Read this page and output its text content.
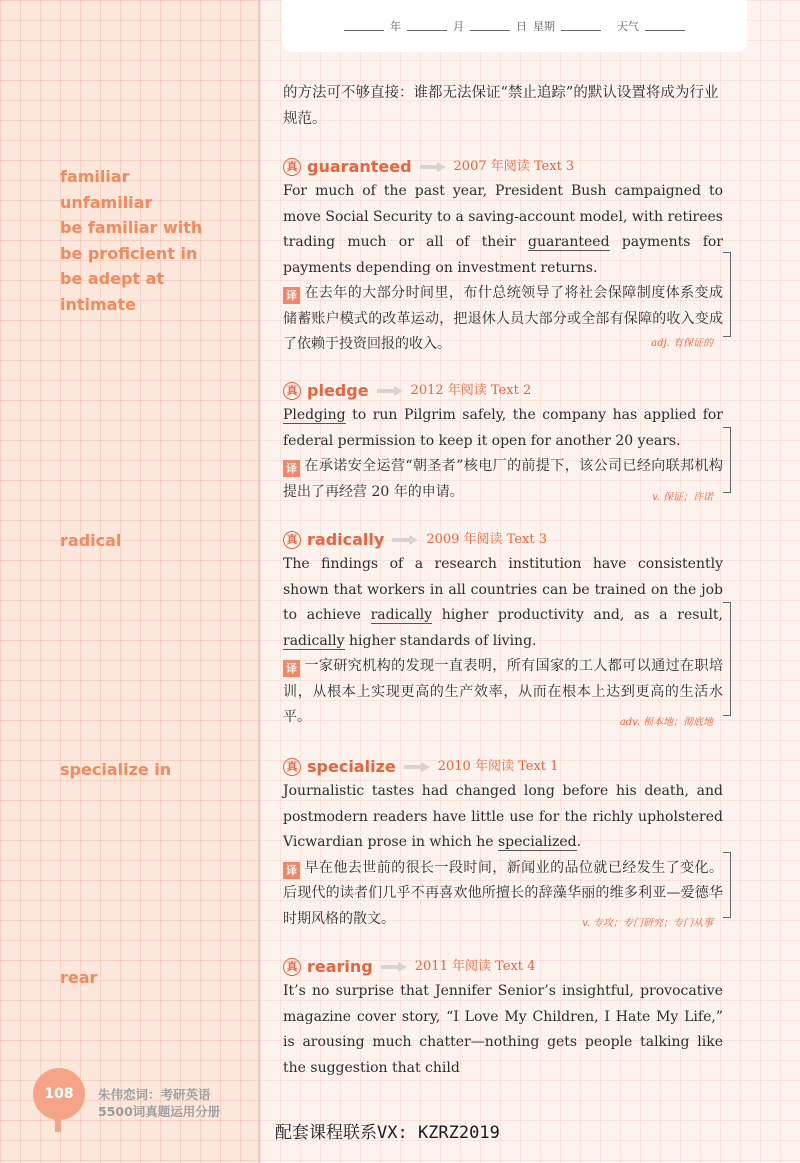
年	月	日 星期	天气
的方法可不够直接：谁都无法保证“禁止追踪”的默认设置将成为行业规范。
familiar
unfamiliar
be familiar with
be proficient in
be adept at
intimate
radical
specialize in
rear
真 guaranteed	2007 年阅读 Text 3
For much of the past year, President Bush campaigned to move Social Security to a saving-account model, with retirees trading much or all of their guaranteed payments for payments depending on investment returns.
译 在去年的大部分时间里，布什总统领导了将社会保障制度体系变成储蓄账户模式的改革运动，把退休人员大部分或全部有保障的收入变成了依赖于投资回报的收入。	adj. 有保证的
真 pledge	2012 年阅读 Text 2
Pledging to run Pilgrim safely, the company has applied for federal permission to keep it open for another 20 years.
译 在承诺安全运营“朝圣者”核电厂的前提下，该公司已经向联邦机构提出了再经营 20 年的申请。	v. 保证；许诺
真 radically	2009 年阅读 Text 3
The findings of a research institution have consistently shown that workers in all countries can be trained on the job to achieve radically higher productivity and, as a result, radically higher standards of living.
译 一家研究机构的发现一直表明，所有国家的工人都可以通过在职培训，从根本上实现更高的生产效率，从而在根本上达到更高的生活水平。	adv. 根本地；彻底地
真 specialize	2010 年阅读 Text 1
Journalistic tastes had changed long before his death, and postmodern readers have little use for the richly upholstered Vicwardian prose in which he specialized.
译 早在他去世前的很长一段时间，新闻业的品位就已经发生了变化。后现代的读者们几乎不再喜欢他所擅长的辞藻华丽的维多利亚—爱德华时期风格的散文。	v. 专攻；专门研究；专门从事
真 rearing	2011 年阅读 Text 4
It’s no surprise that Jennifer Senior’s insightful, provocative magazine cover story, “I Love My Children, I Hate My Life,” is arousing much chatter—nothing gets people talking like the suggestion that child
108 朱伟恋词：考研英语
5500词真题运用分册
配套课程联系VX: KZRZ2019
